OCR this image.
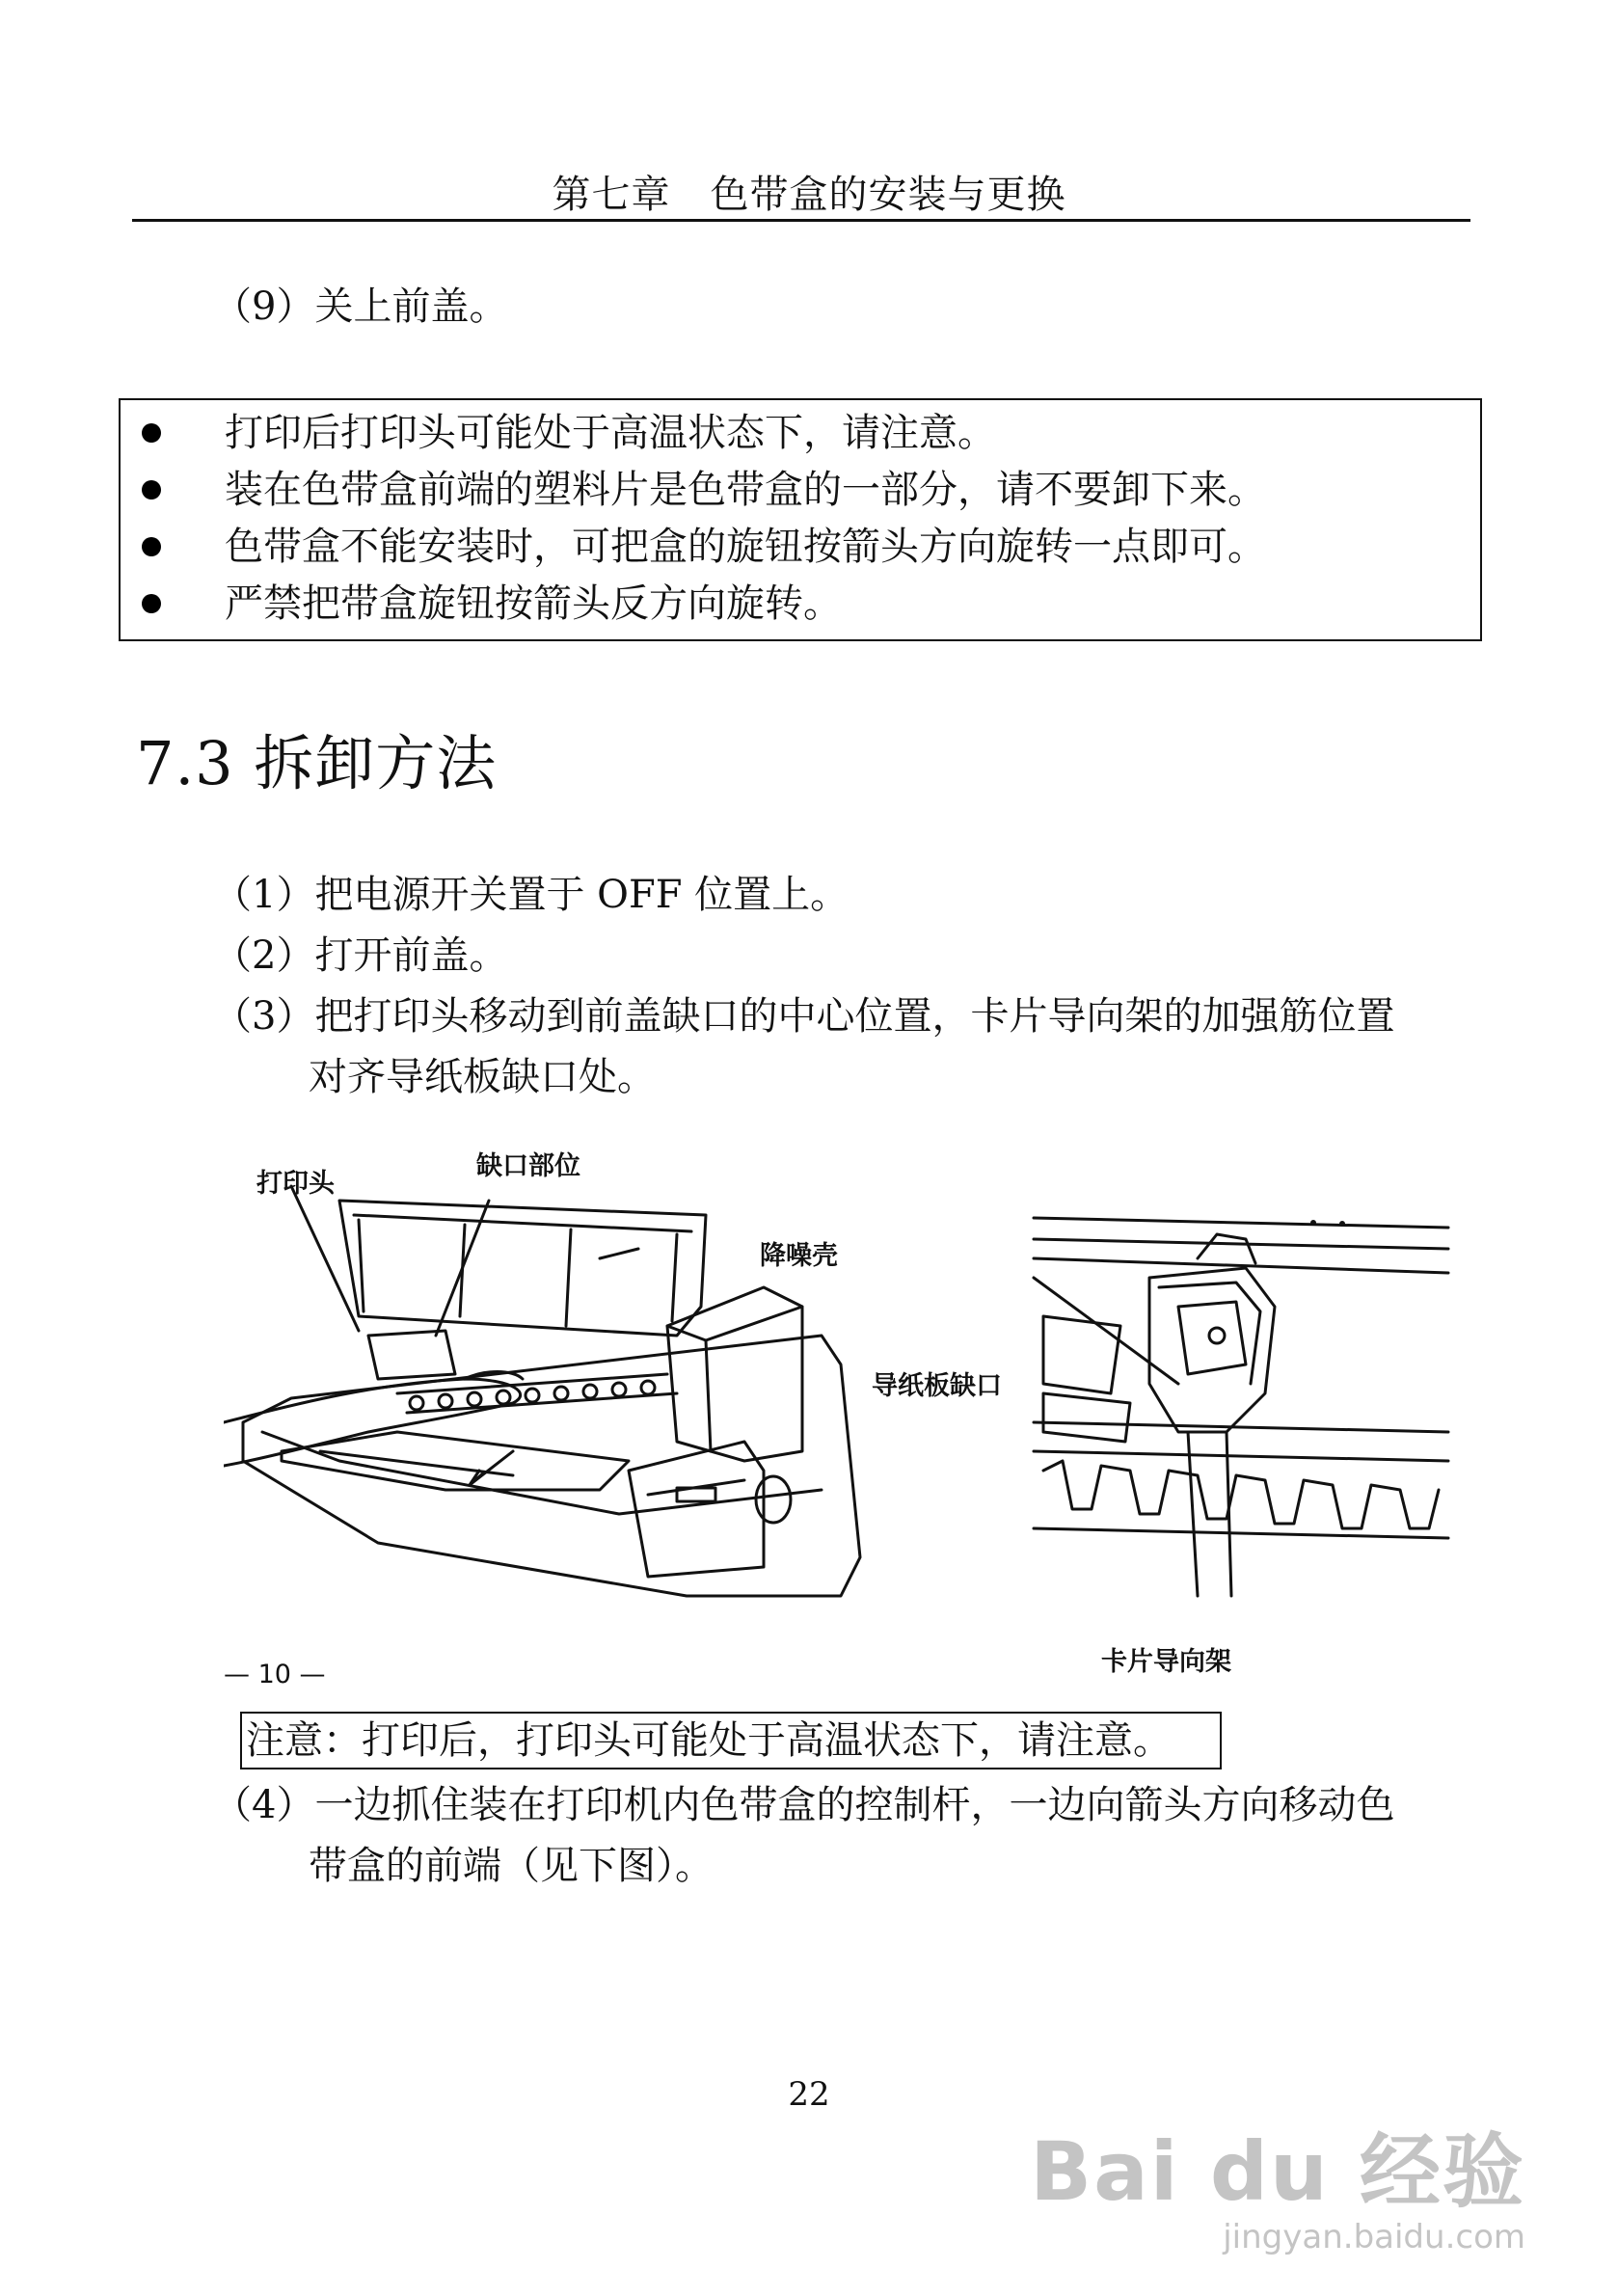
第七章　色带盒的安装与更换
（9）关上前盖。
打印后打印头可能处于高温状态下，请注意。
装在色带盒前端的塑料片是色带盒的一部分，请不要卸下来。
色带盒不能安装时，可把盒的旋钮按箭头方向旋转一点即可。
严禁把带盒旋钮按箭头反方向旋转。
7.3 拆卸方法
（1）把电源开关置于 OFF 位置上。
（2）打开前盖。
（3）把打印头移动到前盖缺口的中心位置，卡片导向架的加强筋位置
对齐导纸板缺口处。
打印头
缺口部位
降噪壳
导纸板缺口
卡片导向架
— 10 —
注意：打印后，打印头可能处于高温状态下，请注意。
（4）一边抓住装在打印机内色带盒的控制杆，一边向箭头方向移动色
带盒的前端（见下图）。
22
Bai du 经验
jingyan.baidu.com
